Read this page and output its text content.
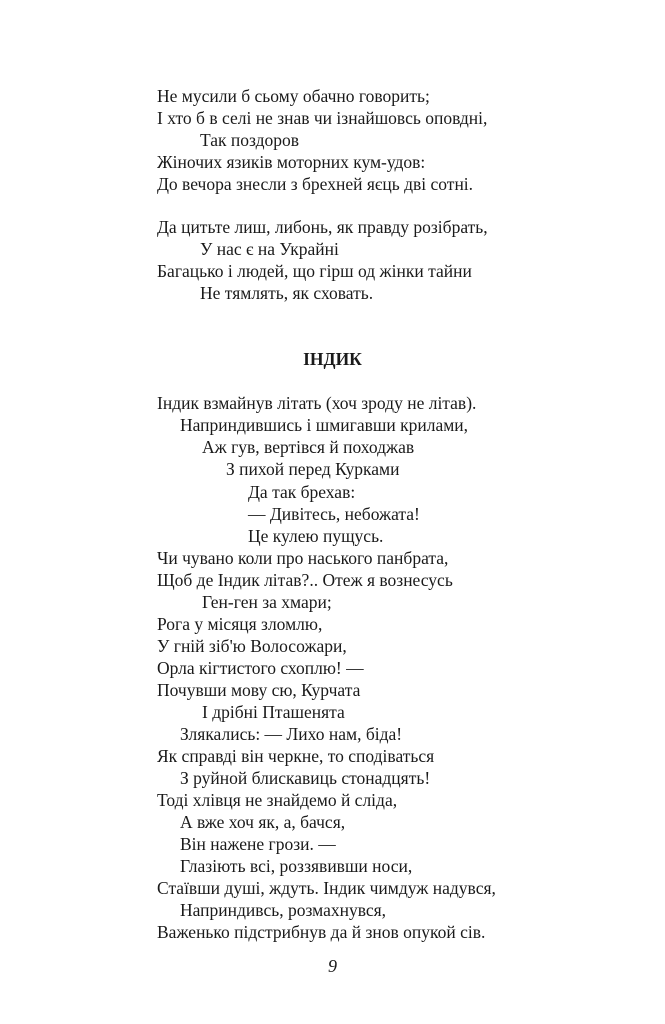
Не мусили б сьому обачно говорить;
І хто б в селі не знав чи ізнайшовсь оповдні,
Так поздоров
Жіночих язиків моторних кум-удов:
До вечора знесли з брехней яєць дві сотні.
Да цитьте лиш, либонь, як правду розібрать,
У нас є на Украйні
Багацько і людей, що гірш од жінки тайни
Не тямлять, як сховать.
ІНДИК
Індик взмайнув літать (хоч зроду не літав).
Наприндившись і шмигавши крилами,
Аж гув, вертівся й походжав
З пихой перед Курками
Да так брехав:
— Дивітесь, небожата!
Це кулею пущусь.
Чи чувано коли про наського панбрата,
Щоб де Індик літав?.. Отеж я вознесусь
Ген-ген за хмари;
Рога у місяця зломлю,
У гній зіб'ю Волосожари,
Орла кігтистого схоплю! —
Почувши мову сю, Курчата
І дрібні Пташенята
Злякались: — Лихо нам, біда!
Як справді він черкне, то сподіваться
З руйной блискавиць стонадцять!
Тоді хлівця не знайдемо й сліда,
А вже хоч як, а, бачся,
Він нажене грози. —
Глазіють всі, роззявивши носи,
Стаївши душі, ждуть. Індик чимдуж надувся,
Наприндивсь, розмахнувся,
Важенько підстрибнув да й знов опукой сів.
9
